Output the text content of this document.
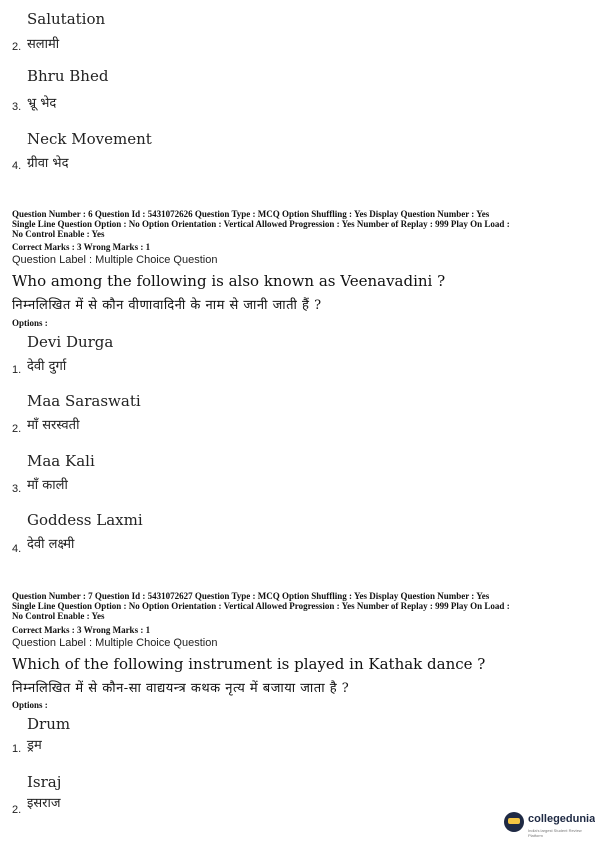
Salutation
2. सलामी
Bhru Bhed
3. भ्रू भेद
Neck Movement
4. ग्रीवा भेद
Question Number : 6 Question Id : 5431072626 Question Type : MCQ Option Shuffling : Yes Display Question Number : Yes
Single Line Question Option : No Option Orientation : Vertical Allowed Progression : Yes Number of Replay : 999 Play On Load :
No Control Enable : Yes
Correct Marks : 3 Wrong Marks : 1
Question Label : Multiple Choice Question
Who among the following is also known as Veenavadini ?
निम्नलिखित में से कौन वीणावादिनी के नाम से जानी जाती हैं ?
Options :
Devi Durga
1. देवी दुर्गा
Maa Saraswati
2. माँ सरस्वती
Maa Kali
3. माँ काली
Goddess Laxmi
4. देवी लक्ष्मी
Question Number : 7 Question Id : 5431072627 Question Type : MCQ Option Shuffling : Yes Display Question Number : Yes
Single Line Question Option : No Option Orientation : Vertical Allowed Progression : Yes Number of Replay : 999 Play On Load :
No Control Enable : Yes
Correct Marks : 3 Wrong Marks : 1
Question Label : Multiple Choice Question
Which of the following instrument is played in Kathak dance ?
निम्नलिखित में से कौन-सा वाद्ययन्त्र कथक नृत्य में बजाया जाता है ?
Options :
Drum
1. ड्रम
Israj
2. इसराज
collegedunia
India's largest Student Review Platform
